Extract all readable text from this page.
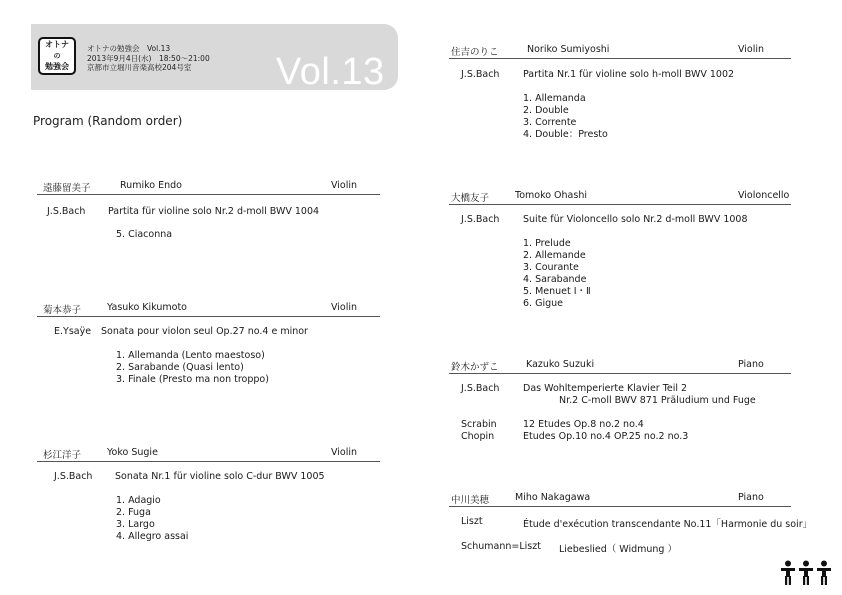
オトナ
の
勉強会
オトナの勉強会　Vol.13
2013年9月4日(水)　18:50～21:00
京都市立堀川音楽高校204号室	Vol.13
Program (Random order)
遠藤留美子	Rumiko Endo	Violin
J.S.Bach Partita für violine solo Nr.2 d-moll BWV 1004
5. Ciaconna
菊本恭子	Yasuko Kikumoto	Violin
E.Ysaÿe Sonata pour violon seul Op.27 no.4 e minor
1. Allemanda (Lento maestoso)
2. Sarabande (Quasi lento)
3. Finale (Presto ma non troppo)
杉江洋子	Yoko Sugie	Violin
J.S.Bach Sonata Nr.1 für violine solo C-dur BWV 1005
1. Adagio
2. Fuga
3. Largo
4. Allegro assai
住吉のりこ	Noriko Sumiyoshi	Violin
J.S.Bach Partita Nr.1 für violine solo h-moll BWV 1002
1. Allemanda
2. Double
3. Corrente
4. Double：Presto
大橋友子	Tomoko Ohashi	Violoncello
J.S.Bach Suite für Violoncello solo Nr.2 d-moll BWV 1008
1. Prelude
2. Allemande
3. Courante
4. Sarabande
5. Menuet Ⅰ・Ⅱ
6. Gigue
鈴木かずこ	Kazuko Suzuki	Piano
J.S.Bach Das Wohltemperierte Klavier Teil 2
Nr.2 C-moll BWV 871 Präludium und Fuge
Scrabin	12 Etudes Op.8 no.2 no.4
Chopin	Etudes Op.10 no.4 OP.25 no.2 no.3
中川美穂	Miho Nakagawa	Piano
Liszt	Étude d'exécution transcendante No.11「Harmonie du soir」
Schumann=Liszt Liebeslied（ Widmung ）
